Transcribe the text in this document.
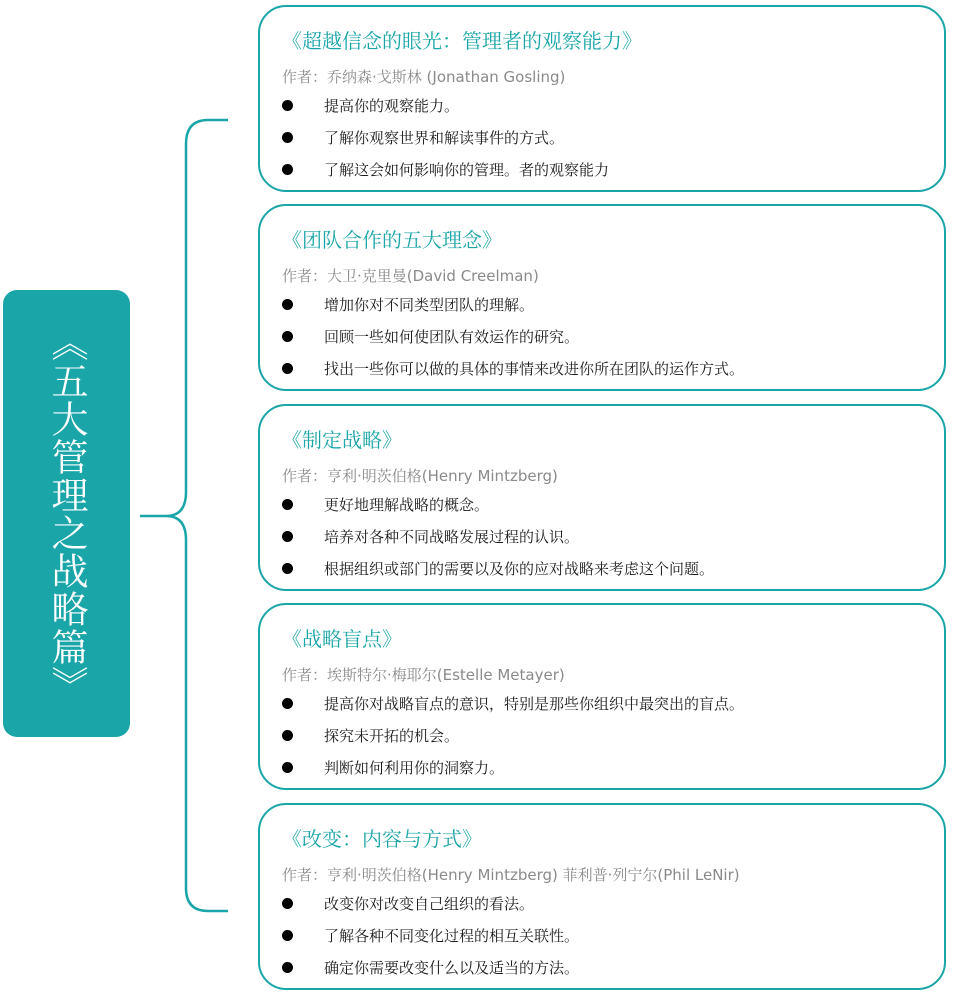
《五大管理之战略篇》
《超越信念的眼光：管理者的观察能力》
作者：乔纳森·戈斯林 (Jonathan Gosling)
提高你的观察能力。
了解你观察世界和解读事件的方式。
了解这会如何影响你的管理。者的观察能力
《团队合作的五大理念》
作者：大卫·克里曼(David Creelman)
增加你对不同类型团队的理解。
回顾一些如何使团队有效运作的研究。
找出一些你可以做的具体的事情来改进你所在团队的运作方式。
《制定战略》
作者：亨利·明茨伯格(Henry Mintzberg)
更好地理解战略的概念。
培养对各种不同战略发展过程的认识。
根据组织或部门的需要以及你的应对战略来考虑这个问题。
《战略盲点》
作者：埃斯特尔·梅耶尔(Estelle Metayer)
提高你对战略盲点的意识，特别是那些你组织中最突出的盲点。
探究未开拓的机会。
判断如何利用你的洞察力。
《改变：内容与方式》
作者：亨利·明茨伯格(Henry Mintzberg) 菲利普·列宁尔(Phil LeNir)
改变你对改变自己组织的看法。
了解各种不同变化过程的相互关联性。
确定你需要改变什么以及适当的方法。
